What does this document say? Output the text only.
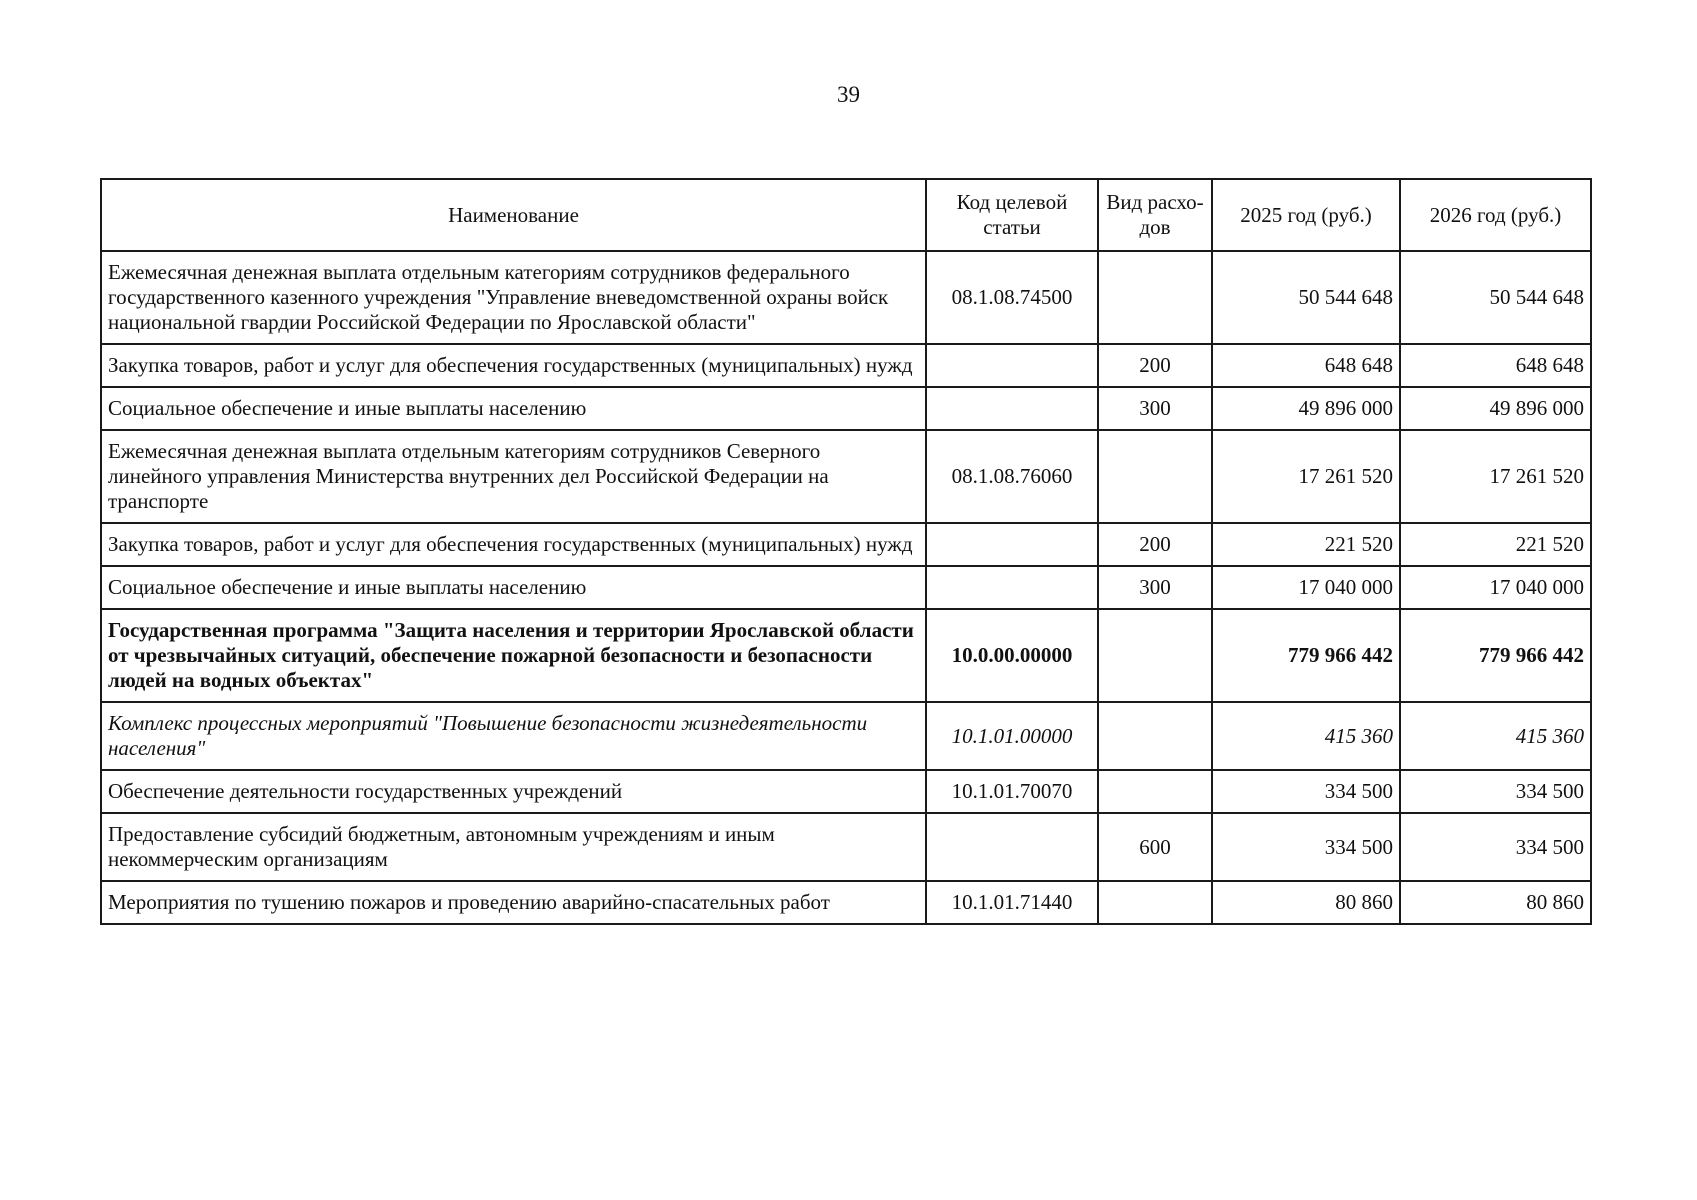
39
Наименование	Код целевой статьи	Вид расхо-дов	2025 год (руб.)	2026 год (руб.)
Ежемесячная денежная выплата отдельным категориям сотрудников федерального государственного казенного учреждения "Управление вневедомственной охраны войск национальной гвардии Российской Федерации по Ярославской области"	08.1.08.74500		50 544 648	50 544 648
Закупка товаров, работ и услуг для обеспечения государственных (муниципальных) нужд		200	648 648	648 648
Социальное обеспечение и иные выплаты населению		300	49 896 000	49 896 000
Ежемесячная денежная выплата отдельным категориям сотрудников Северного линейного управления Министерства внутренних дел Российской Федерации на транспорте	08.1.08.76060		17 261 520	17 261 520
Закупка товаров, работ и услуг для обеспечения государственных (муниципальных) нужд		200	221 520	221 520
Социальное обеспечение и иные выплаты населению		300	17 040 000	17 040 000
Государственная программа "Защита населения и территории Ярославской области от чрезвычайных ситуаций, обеспечение пожарной безопасности и безопасности людей на водных объектах"	10.0.00.00000		779 966 442	779 966 442
Комплекс процессных мероприятий "Повышение безопасности жизнедеятельности населения"	10.1.01.00000		415 360	415 360
Обеспечение деятельности государственных учреждений	10.1.01.70070		334 500	334 500
Предоставление субсидий бюджетным, автономным учреждениям и иным некоммерческим организациям		600	334 500	334 500
Мероприятия по тушению пожаров и проведению аварийно-спасательных работ	10.1.01.71440		80 860	80 860
